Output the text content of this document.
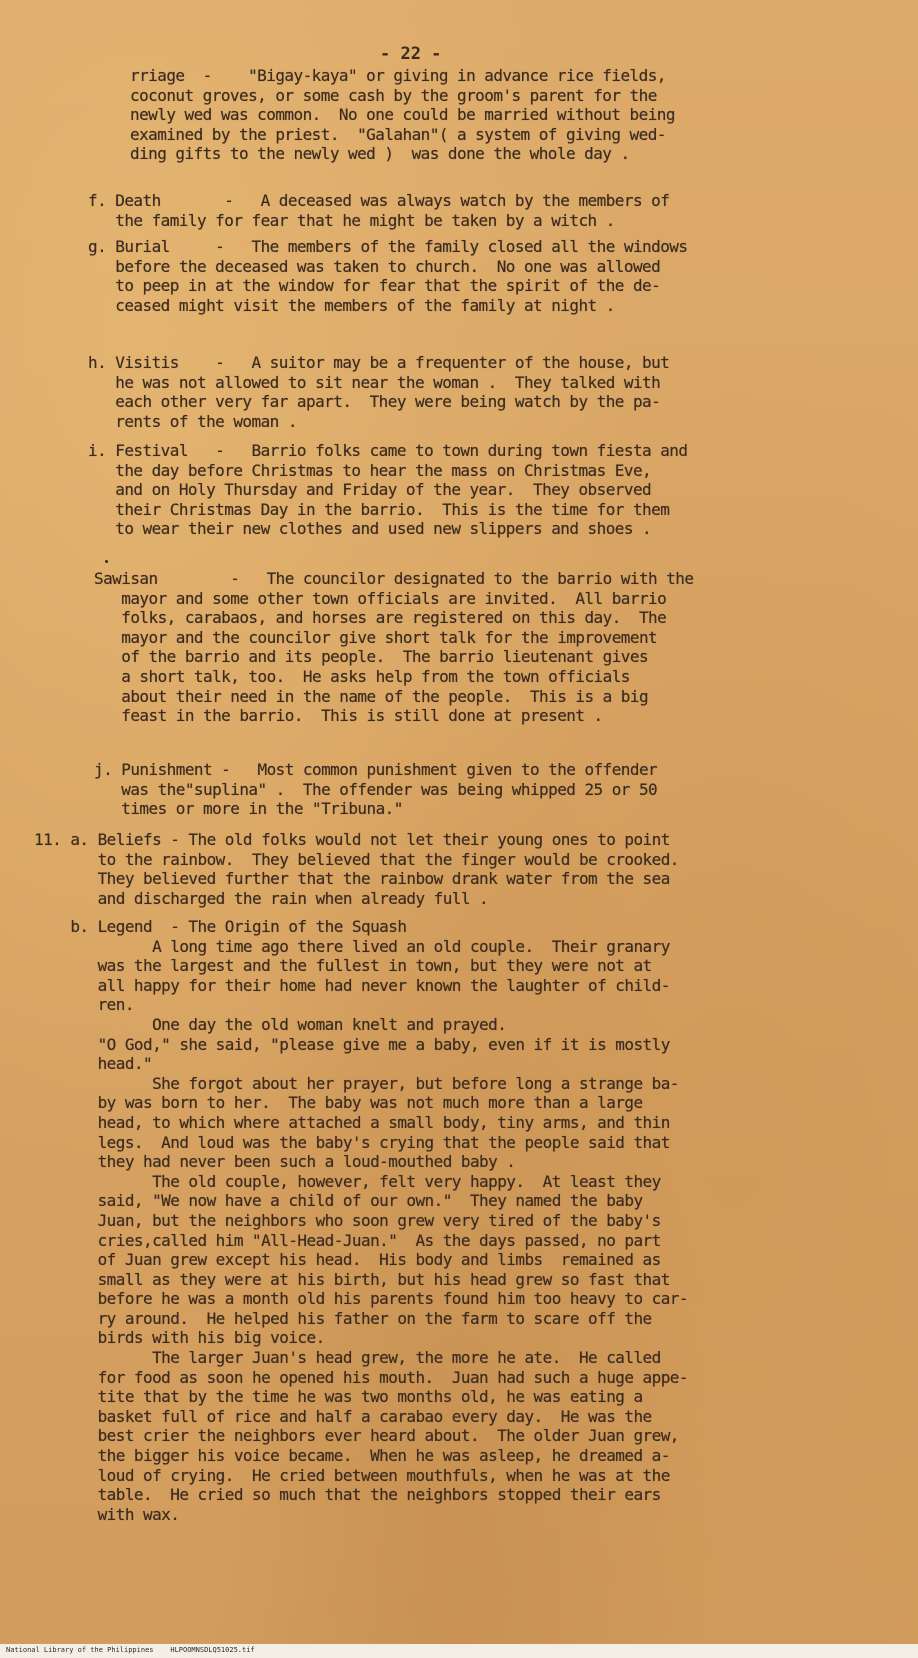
- 22 -
rriage  -    "Bigay-kaya" or giving in advance rice fields,
coconut groves, or some cash by the groom's parent for the
newly wed was common.  No one could be married without being
examined by the priest.  "Galahan"( a system of giving wed-
ding gifts to the newly wed )  was done the whole day .
f. Death       -   A deceased was always watch by the members of
the family for fear that he might be taken by a witch .
g. Burial     -   The members of the family closed all the windows
before the deceased was taken to church.  No one was allowed
to peep in at the window for fear that the spirit of the de-
ceased might visit the members of the family at night .
h. Visitis    -   A suitor may be a frequenter of the house, but
he was not allowed to sit near the woman .  They talked with
each other very far apart.  They were being watch by the pa-
rents of the woman .
i. Festival   -   Barrio folks came to town during town fiesta and
the day before Christmas to hear the mass on Christmas Eve,
and on Holy Thursday and Friday of the year.  They observed
their Christmas Day in the barrio.  This is the time for them
to wear their new clothes and used new slippers and shoes .
Sawisan        -   The councilor designated to the barrio with the
mayor and some other town officials are invited.  All barrio
folks, carabaos, and horses are registered on this day.  The
mayor and the councilor give short talk for the improvement
of the barrio and its people.  The barrio lieutenant gives
a short talk, too.  He asks help from the town officials
about their need in the name of the people.  This is a big
feast in the barrio.  This is still done at present .
j. Punishment -   Most common punishment given to the offender
was the"suplina" .  The offender was being whipped 25 or 50
times or more in the "Tribuna."
11. a. Beliefs - The old folks would not let their young ones to point
to the rainbow.  They believed that the finger would be crooked.
They believed further that the rainbow drank water from the sea
and discharged the rain when already full .
b. Legend  - The Origin of the Squash
A long time ago there lived an old couple.  Their granary
was the largest and the fullest in town, but they were not at
all happy for their home had never known the laughter of child-
ren.
One day the old woman knelt and prayed.
"O God," she said, "please give me a baby, even if it is mostly
head."
She forgot about her prayer, but before long a strange ba-
by was born to her.  The baby was not much more than a large
head, to which where attached a small body, tiny arms, and thin
legs.  And loud was the baby's crying that the people said that
they had never been such a loud-mouthed baby .
The old couple, however, felt very happy.  At least they
said, "We now have a child of our own."  They named the baby
Juan, but the neighbors who soon grew very tired of the baby's
cries,called him "All-Head-Juan."  As the days passed, no part
of Juan grew except his head.  His body and limbs  remained as
small as they were at his birth, but his head grew so fast that
before he was a month old his parents found him too heavy to car-
ry around.  He helped his father on the farm to scare off the
birds with his big voice.
The larger Juan's head grew, the more he ate.  He called
for food as soon he opened his mouth.  Juan had such a huge appe-
tite that by the time he was two months old, he was eating a
basket full of rice and half a carabao every day.  He was the
best crier the neighbors ever heard about.  The older Juan grew,
the bigger his voice became.  When he was asleep, he dreamed a-
loud of crying.  He cried between mouthfuls, when he was at the
table.  He cried so much that the neighbors stopped their ears
with wax.
National Library of the Philippines    HLPOOMNSDLQ51025.tif
